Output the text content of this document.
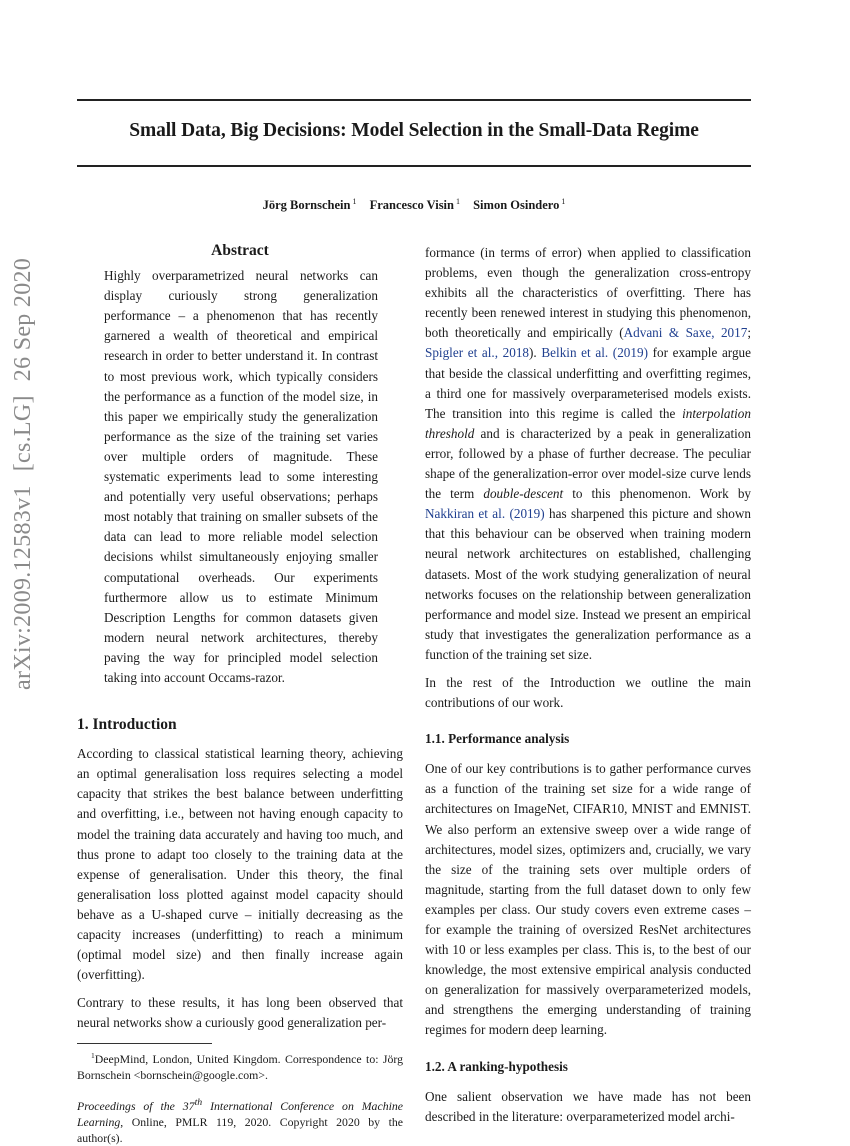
Small Data, Big Decisions: Model Selection in the Small-Data Regime
Jörg Bornschein $^1$ Francesco Visin $^1$ Simon Osindero $^1$
arXiv:2009.12583v1[cs.LG]26 Sep 2020
Abstract
Highly overparametrized neural networks can display curiously strong generalization performance – a phenomenon that has recently garnered a wealth of theoretical and empirical research in order to better understand it. In contrast to most previous work, which typically considers the performance as a function of the model size, in this paper we empirically study the generalization performance as the size of the training set varies over multiple orders of magnitude. These systematic experiments lead to some interesting and potentially very useful observations; perhaps most notably that training on smaller subsets of the data can lead to more reliable model selection decisions whilst simultaneously enjoying smaller computational overheads. Our experiments furthermore allow us to estimate Minimum Description Lengths for common datasets given modern neural network architectures, thereby paving the way for principled model selection taking into account Occams-razor.
1. Introduction

According to classical statistical learning theory, achieving an optimal generalisation loss requires selecting a model capacity that strikes the best balance between underfitting and overfitting, i.e., between not having enough capacity to model the training data accurately and having too much, and thus prone to adapt too closely to the training data at the expense of generalisation. Under this theory, the final generalisation loss plotted against model capacity should behave as a U-shaped curve – initially decreasing as the capacity increases (underfitting) to reach a minimum (optimal model size) and then finally increase again (overfitting).

Contrary to these results, it has long been observed that neural networks show a curiously good generalization per-

$^1$DeepMind, London, United Kingdom. Correspondence to: Jörg Bornschein <bornschein@google.com>.

Proceedings of the 37th International Conference on Machine Learning, Online, PMLR 119, 2020. Copyright 2020 by the author(s).

formance (in terms of error) when applied to classification problems, even though the generalization cross-entropy exhibits all the characteristics of overfitting. There has recently been renewed interest in studying this phenomenon, both theoretically and empirically (Advani & Saxe, 2017; Spigler et al., 2018). Belkin et al. (2019) for example argue that beside the classical underfitting and overfitting regimes, a third one for massively overparameterised models exists. The transition into this regime is called the interpolation threshold and is characterized by a peak in generalization error, followed by a phase of further decrease. The peculiar shape of the generalization-error over model-size curve lends the term double-descent to this phenomenon. Work by Nakkiran et al. (2019) has sharpened this picture and shown that this behaviour can be observed when training modern neural network architectures on established, challenging datasets. Most of the work studying generalization of neural networks focuses on the relationship between generalization performance and model size. Instead we present an empirical study that investigates the generalization performance as a function of the training set size.

In the rest of the Introduction we outline the main contributions of our work.

1.1. Performance analysis

One of our key contributions is to gather performance curves as a function of the training set size for a wide range of architectures on ImageNet, CIFAR10, MNIST and EMNIST. We also perform an extensive sweep over a wide range of architectures, model sizes, optimizers and, crucially, we vary the size of the training sets over multiple orders of magnitude, starting from the full dataset down to only few examples per class. Our study covers even extreme cases – for example the training of oversized ResNet architectures with 10 or less examples per class. This is, to the best of our knowledge, the most extensive empirical analysis conducted on generalization for massively overparameterized models, and strengthens the emerging understanding of training regimes for modern deep learning.

1.2. A ranking-hypothesis

One salient observation we have made has not been described in the literature: overparameterized model archi-
